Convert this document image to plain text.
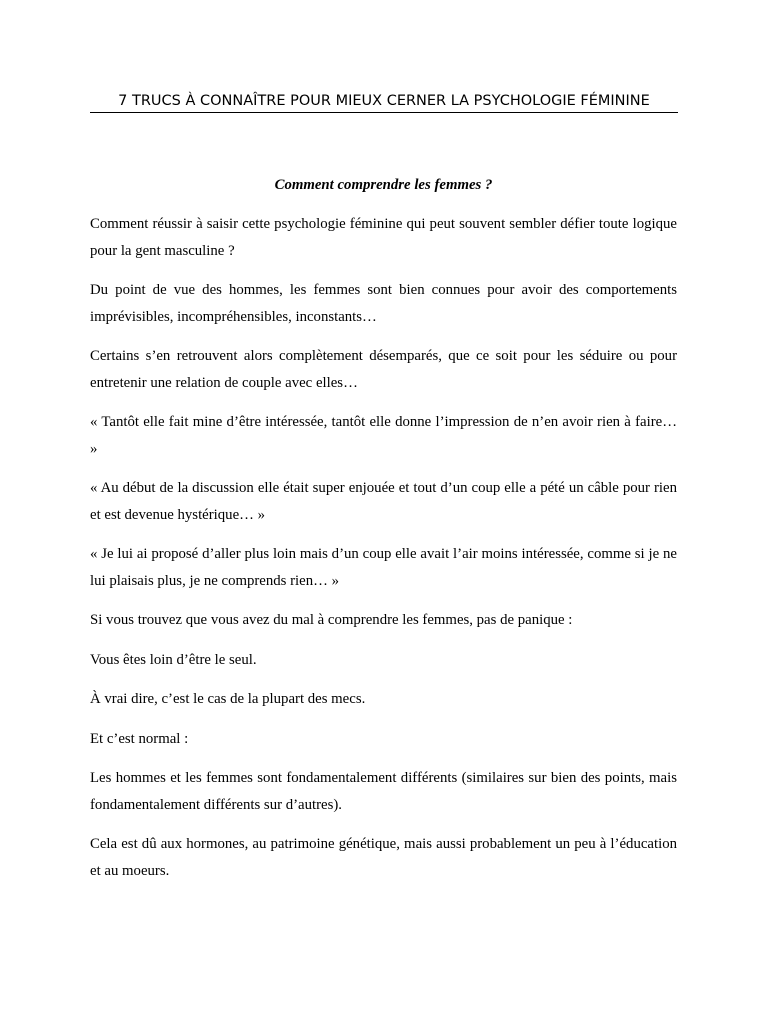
7 TRUCS À CONNAÎTRE POUR MIEUX CERNER LA PSYCHOLOGIE FÉMININE

Comment comprendre les femmes ?

Comment réussir à saisir cette psychologie féminine qui peut souvent sembler défier toute logique pour la gent masculine ?

Du point de vue des hommes, les femmes sont bien connues pour avoir des comportements imprévisibles, incompréhensibles, inconstants…

Certains s’en retrouvent alors complètement désemparés, que ce soit pour les séduire ou pour entretenir une relation de couple avec elles…

« Tantôt elle fait mine d’être intéressée, tantôt elle donne l’impression de n’en avoir rien à faire… »

« Au début de la discussion elle était super enjouée et tout d’un coup elle a pété un câble pour rien et est devenue hystérique… »

« Je lui ai proposé d’aller plus loin mais d’un coup elle avait l’air moins intéressée, comme si je ne lui plaisais plus, je ne comprends rien… »

Si vous trouvez que vous avez du mal à comprendre les femmes, pas de panique :

Vous êtes loin d’être le seul.

À vrai dire, c’est le cas de la plupart des mecs.

Et c’est normal :

Les hommes et les femmes sont fondamentalement différents (similaires sur bien des points, mais fondamentalement différents sur d’autres).

Cela est dû aux hormones, au patrimoine génétique, mais aussi probablement un peu à l’éducation et au moeurs.
